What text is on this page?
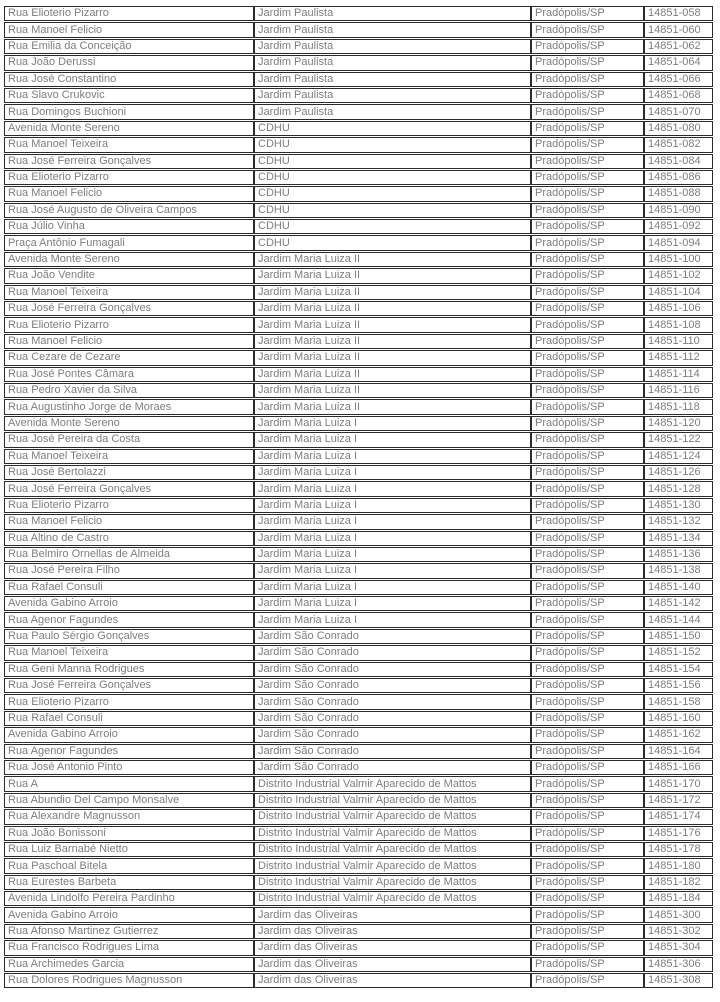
Rua Elioterio Pizarro	Jardim Paulista	Pradópolis/SP	14851-058
Rua Manoel Felicio	Jardim Paulista	Pradópolis/SP	14851-060
Rua Emilia da Conceição	Jardim Paulista	Pradópolis/SP	14851-062
Rua João Derussi	Jardim Paulista	Pradópolis/SP	14851-064
Rua José Constantino	Jardim Paulista	Pradópolis/SP	14851-066
Rua Slavo Crukovic	Jardim Paulista	Pradópolis/SP	14851-068
Rua Domingos Buchioni	Jardim Paulista	Pradópolis/SP	14851-070
Avenida Monte Sereno	CDHU	Pradópolis/SP	14851-080
Rua Manoel Teixeira	CDHU	Pradópolis/SP	14851-082
Rua José Ferreira Gonçalves	CDHU	Pradópolis/SP	14851-084
Rua Elioterio Pizarro	CDHU	Pradópolis/SP	14851-086
Rua Manoel Felicio	CDHU	Pradópolis/SP	14851-088
Rua José Augusto de Oliveira Campos	CDHU	Pradópolis/SP	14851-090
Rua Júlio Vinha	CDHU	Pradópolis/SP	14851-092
Praça Antônio Fumagali	CDHU	Pradópolis/SP	14851-094
Avenida Monte Sereno	Jardim Maria Luiza II	Pradópolis/SP	14851-100
Rua João Vendite	Jardim Maria Luiza II	Pradópolis/SP	14851-102
Rua Manoel Teixeira	Jardim Maria Luiza II	Pradópolis/SP	14851-104
Rua José Ferreira Gonçalves	Jardim Maria Luiza II	Pradópolis/SP	14851-106
Rua Elioterio Pizarro	Jardim Maria Luiza II	Pradópolis/SP	14851-108
Rua Manoel Felicio	Jardim Maria Luiza II	Pradópolis/SP	14851-110
Rua Cezare de Cezare	Jardim Maria Luiza II	Pradópolis/SP	14851-112
Rua José Pontes Câmara	Jardim Maria Luiza II	Pradópolis/SP	14851-114
Rua Pedro Xavier da Silva	Jardim Maria Luiza II	Pradópolis/SP	14851-116
Rua Augustinho Jorge de Moraes	Jardim Maria Luiza II	Pradópolis/SP	14851-118
Avenida Monte Sereno	Jardim Maria Luiza I	Pradópolis/SP	14851-120
Rua José Pereira da Costa	Jardim Maria Luiza I	Pradópolis/SP	14851-122
Rua Manoel Teixeira	Jardim Maria Luiza I	Pradópolis/SP	14851-124
Rua José Bertolazzi	Jardim Maria Luiza I	Pradópolis/SP	14851-126
Rua José Ferreira Gonçalves	Jardim Maria Luiza I	Pradópolis/SP	14851-128
Rua Elioterio Pizarro	Jardim Maria Luiza I	Pradópolis/SP	14851-130
Rua Manoel Felicio	Jardim Maria Luiza I	Pradópolis/SP	14851-132
Rua Altino de Castro	Jardim Maria Luiza I	Pradópolis/SP	14851-134
Rua Belmiro Ornellas de Almeida	Jardim Maria Luiza I	Pradópolis/SP	14851-136
Rua José Pereira Filho	Jardim Maria Luiza I	Pradópolis/SP	14851-138
Rua Rafael Consuli	Jardim Maria Luiza I	Pradópolis/SP	14851-140
Avenida Gabino Arroio	Jardim Maria Luiza I	Pradópolis/SP	14851-142
Rua Agenor Fagundes	Jardim Maria Luiza I	Pradópolis/SP	14851-144
Rua Paulo Sérgio Gonçalves	Jardim São Conrado	Pradópolis/SP	14851-150
Rua Manoel Teixeira	Jardim São Conrado	Pradópolis/SP	14851-152
Rua Geni Manna Rodrigues	Jardim São Conrado	Pradópolis/SP	14851-154
Rua José Ferreira Gonçalves	Jardim São Conrado	Pradópolis/SP	14851-156
Rua Elioterio Pizarro	Jardim São Conrado	Pradópolis/SP	14851-158
Rua Rafael Consuli	Jardim São Conrado	Pradópolis/SP	14851-160
Avenida Gabino Arroio	Jardim São Conrado	Pradópolis/SP	14851-162
Rua Agenor Fagundes	Jardim São Conrado	Pradópolis/SP	14851-164
Rua José Antonio Pinto	Jardim São Conrado	Pradópolis/SP	14851-166
Rua A	Distrito Industrial Valmir Aparecido de Mattos	Pradópolis/SP	14851-170
Rua Abundio Del Campo Monsalve	Distrito Industrial Valmir Aparecido de Mattos	Pradópolis/SP	14851-172
Rua Alexandre Magnusson	Distrito Industrial Valmir Aparecido de Mattos	Pradópolis/SP	14851-174
Rua João Bonissoni	Distrito Industrial Valmir Aparecido de Mattos	Pradópolis/SP	14851-176
Rua Luiz Barnabé Nietto	Distrito Industrial Valmir Aparecido de Mattos	Pradópolis/SP	14851-178
Rua Paschoal Bitela	Distrito Industrial Valmir Aparecido de Mattos	Pradópolis/SP	14851-180
Rua Eurestes Barbeta	Distrito Industrial Valmir Aparecido de Mattos	Pradópolis/SP	14851-182
Avenida Lindolfo Pereira Pardinho	Distrito Industrial Valmir Aparecido de Mattos	Pradópolis/SP	14851-184
Avenida Gabino Arroio	Jardim das Oliveiras	Pradópolis/SP	14851-300
Rua Afonso Martinez Gutierrez	Jardim das Oliveiras	Pradópolis/SP	14851-302
Rua Francisco Rodrigues Lima	Jardim das Oliveiras	Pradópolis/SP	14851-304
Rua Archimedes Garcia	Jardim das Oliveiras	Pradópolis/SP	14851-306
Rua Dolores Rodrigues Magnusson	Jardim das Oliveiras	Pradópolis/SP	14851-308
